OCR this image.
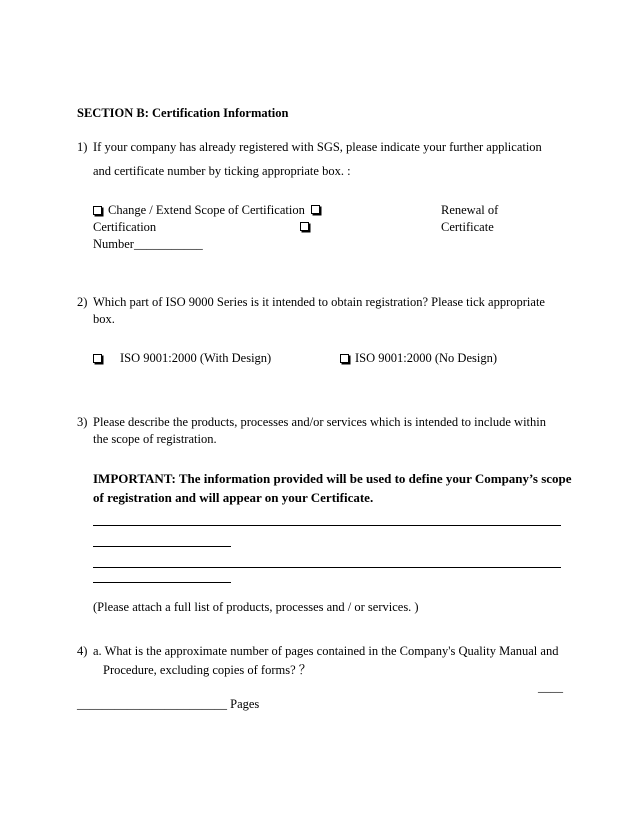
SECTION B: Certification Information
1) If your company has already registered with SGS, please indicate your further application
and certificate number by ticking appropriate box. :
Change / Extend Scope of Certification	Renewal of
Certification	Certificate
Number___________
2) Which part of ISO 9000 Series is it intended to obtain registration? Please tick appropriate
box.
ISO 9001:2000 (With Design)	ISO 9001:2000 (No Design)
3) Please describe the products, processes and/or services which is intended to include within
the scope of registration.
IMPORTANT: The information provided will be used to define your Company’s scope
of registration and will appear on your Certificate.
(Please attach a full list of products, processes and / or services. )
4) a. What is the approximate number of pages contained in the Company's Quality Manual and
Procedure, excluding copies of forms? ？
____
________________________ Pages
